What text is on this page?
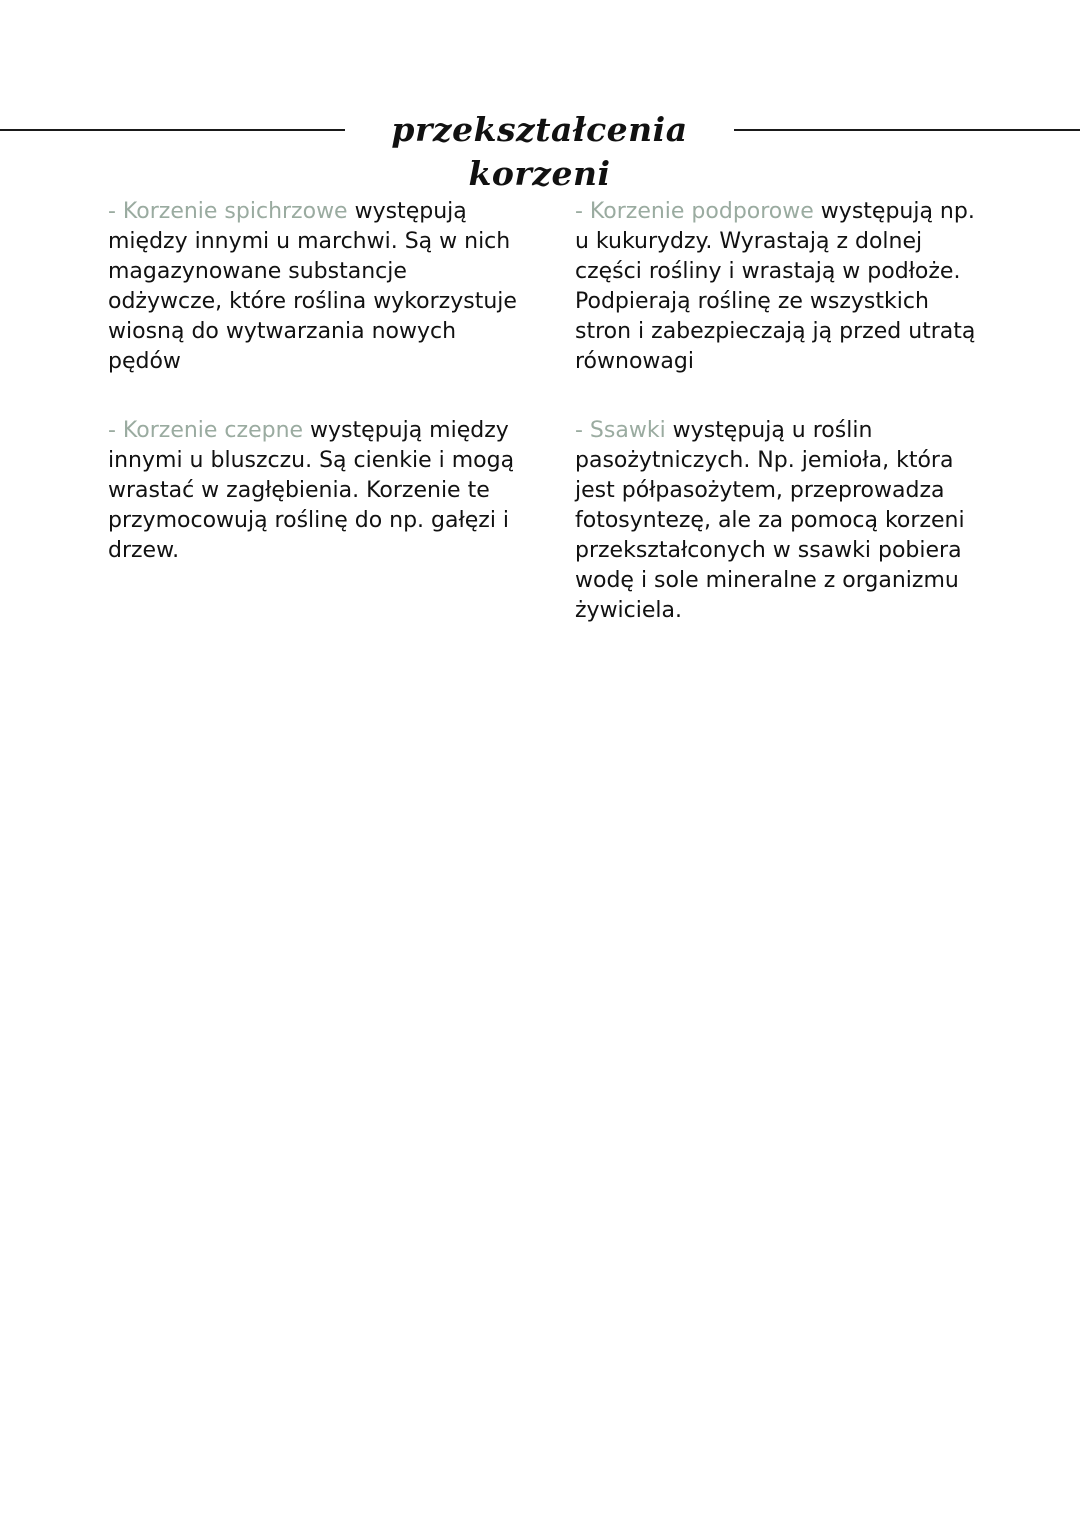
przekształcenia korzeni

- Korzenie spichrzowe występują
między innymi u marchwi. Są w nich
magazynowane substancje
odżywcze, które roślina wykorzystuje
wiosną do wytwarzania nowych
pędów

- Korzenie podporowe występują np.
u kukurydzy. Wyrastają z dolnej
części rośliny i wrastają w podłoże.
Podpierają roślinę ze wszystkich
stron i zabezpieczają ją przed utratą
równowagi

- Korzenie czepne występują między
innymi u bluszczu. Są cienkie i mogą
wrastać w zagłębienia. Korzenie te
przymocowują roślinę do np. gałęzi i
drzew.

- Ssawki występują u roślin
pasożytniczych. Np. jemioła, która
jest półpasożytem, przeprowadza
fotosyntezę, ale za pomocą korzeni
przekształconych w ssawki pobiera
wodę i sole mineralne z organizmu
żywiciela.
